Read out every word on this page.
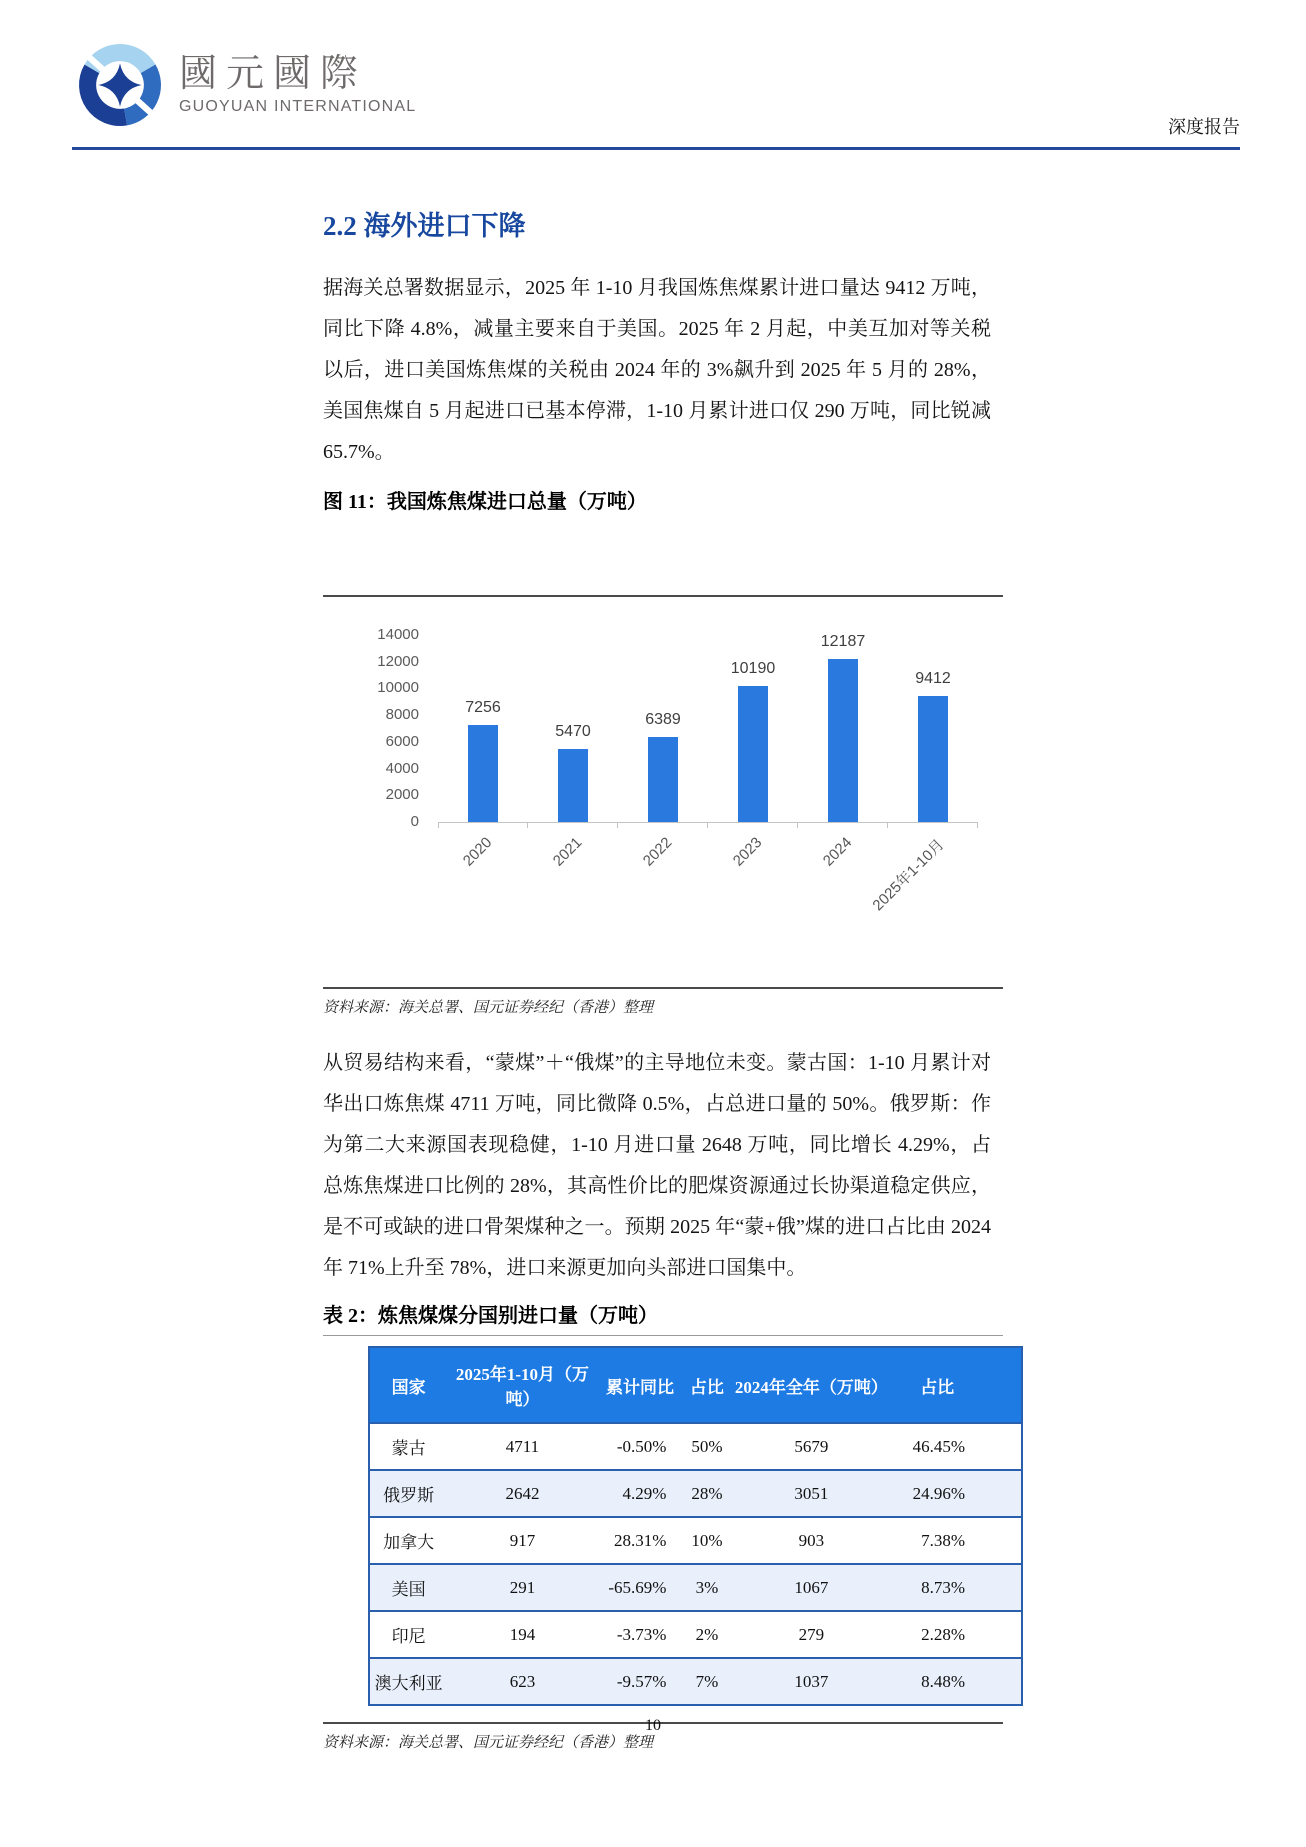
國元國際
GUOYUAN INTERNATIONAL
深度报告
2.2 海外进口下降

据海关总署数据显示，2025 年 1-10 月我国炼焦煤累计进口量达 9412 万吨，同比下降 4.8%，减量主要来自于美国。2025 年 2 月起，中美互加对等关税以后，进口美国炼焦煤的关税由 2024 年的 3%飙升到 2025 年 5 月的 28%，美国焦煤自 5 月起进口已基本停滞，1-10 月累计进口仅 290 万吨，同比锐减 65.7%。

图 11：我国炼焦煤进口总量（万吨）
14000
12000
10000
8000
6000
4000
2000
0
7256
2020
5470
2021
6389
2022
10190
2023
12187
2024
9412
2025年1-10月
资料来源：海关总署、国元证券经纪（香港）整理

从贸易结构来看，“蒙煤”＋“俄煤”的主导地位未变。蒙古国：1-10 月累计对华出口炼焦煤 4711 万吨，同比微降 0.5%，占总进口量的 50%。俄罗斯：作为第二大来源国表现稳健，1-10 月进口量 2648 万吨，同比增长 4.29%，占总炼焦煤进口比例的 28%，其高性价比的肥煤资源通过长协渠道稳定供应，是不可或缺的进口骨架煤种之一。预期 2025 年“蒙+俄”煤的进口占比由 2024 年 71%上升至 78%，进口来源更加向头部进口国集中。

表 2：炼焦煤煤分国别进口量（万吨）
国家	2025年1-10月（万吨）	累计同比	占比	2024年全年（万吨）	占比
蒙古	4711	-0.50%	50%	5679	46.45%
俄罗斯	2642	4.29%	28%	3051	24.96%
加拿大	917	28.31%	10%	903	7.38%
美国	291	-65.69%	3%	1067	8.73%
印尼	194	-3.73%	2%	279	2.28%
澳大利亚	623	-9.57%	7%	1037	8.48%
资料来源：海关总署、国元证券经纪（香港）整理
10
